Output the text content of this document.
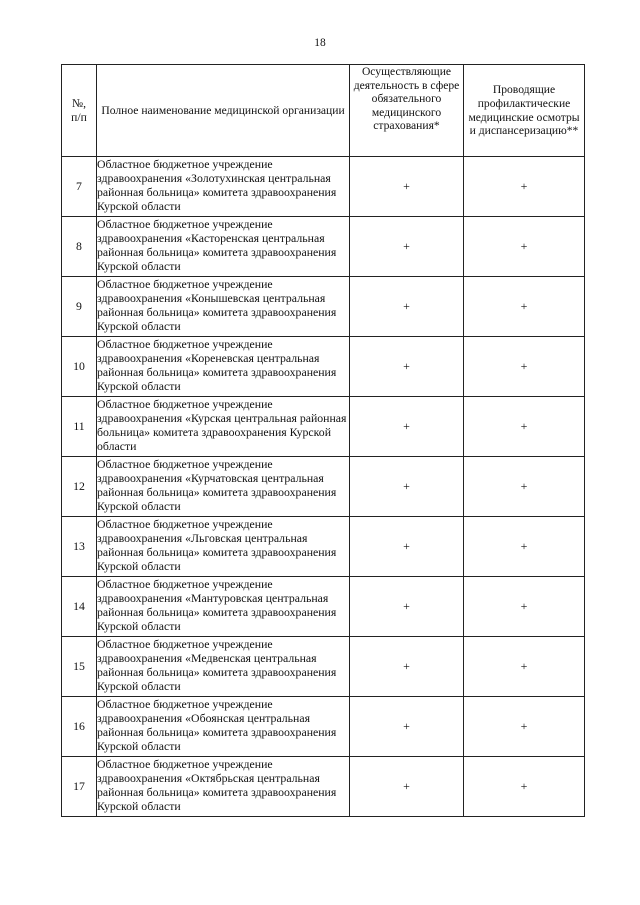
18
№,
п/п	Полное наименование медицинской организации	Осуществляющие деятельность в сфере обязательного медицинского страхования*	Проводящие профилактические медицинские осмотры и диспансеризацию**
7	Областное бюджетное учреждение здравоохранения «Золотухинская центральная районная больница» комитета здравоохранения Курской области	+	+
8	Областное бюджетное учреждение здравоохранения «Касторенская центральная районная больница» комитета здравоохранения Курской области	+	+
9	Областное бюджетное учреждение здравоохранения «Конышевская центральная районная больница» комитета здравоохранения Курской области	+	+
10	Областное бюджетное учреждение здравоохранения «Кореневская центральная районная больница» комитета здравоохранения Курской области	+	+
11	Областное бюджетное учреждение здравоохранения «Курская центральная районная больница» комитета здравоохранения Курской области	+	+
12	Областное бюджетное учреждение здравоохранения «Курчатовская центральная районная больница» комитета здравоохранения Курской области	+	+
13	Областное бюджетное учреждение здравоохранения «Льговская центральная районная больница» комитета здравоохранения Курской области	+	+
14	Областное бюджетное учреждение здравоохранения «Мантуровская центральная районная больница» комитета здравоохранения Курской области	+	+
15	Областное бюджетное учреждение здравоохранения «Медвенская центральная районная больница» комитета здравоохранения Курской области	+	+
16	Областное бюджетное учреждение здравоохранения «Обоянская центральная районная больница» комитета здравоохранения Курской области	+	+
17	Областное бюджетное учреждение здравоохранения «Октябрьская центральная районная больница» комитета здравоохранения Курской области	+	+
